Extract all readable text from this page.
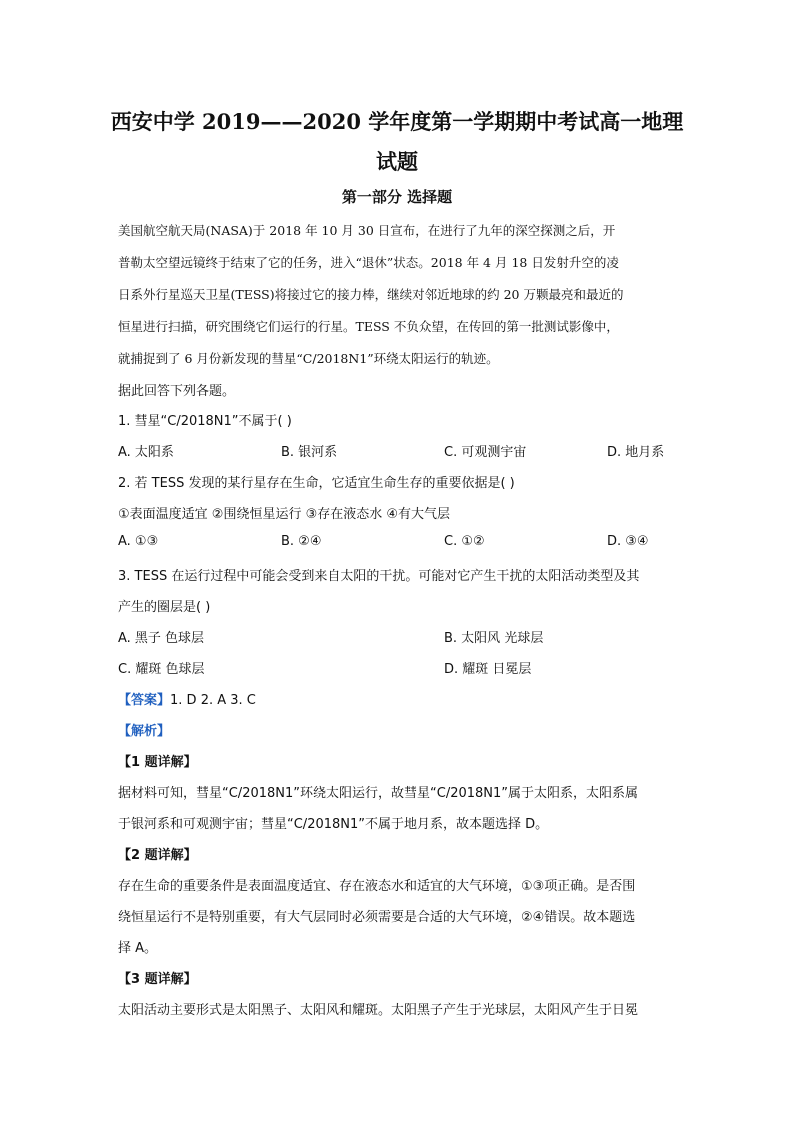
西安中学 2019——2020 学年度第一学期期中考试高一地理
试题
第一部分 选择题
美国航空航天局(NASA)于 2018 年 10 月 30 日宣布，在进行了九年的深空探测之后，开
普勒太空望远镜终于结束了它的任务，进入“退休”状态。2018 年 4 月 18 日发射升空的凌
日系外行星巡天卫星(TESS)将接过它的接力棒，继续对邻近地球的约 20 万颗最亮和最近的
恒星进行扫描，研究围绕它们运行的行星。TESS 不负众望，在传回的第一批测试影像中，
就捕捉到了 6 月份新发现的彗星“C/2018N1”环绕太阳运行的轨迹。
据此回答下列各题。
1. 彗星“C/2018N1”不属于( )
A. 太阳系	B. 银河系	C. 可观测宇宙	D. 地月系
2. 若 TESS 发现的某行星存在生命，它适宜生命生存的重要依据是( )
①表面温度适宜 ②围绕恒星运行 ③存在液态水 ④有大气层
A. ①③	B. ②④	C. ①②	D. ③④
3. TESS 在运行过程中可能会受到来自太阳的干扰。可能对它产生干扰的太阳活动类型及其
产生的圈层是( )
A. 黑子 色球层	B. 太阳风 光球层
C. 耀斑 色球层	D. 耀斑 日冕层
【答案】1. D 2. A 3. C
【解析】
【1 题详解】
据材料可知，彗星“C/2018N1”环绕太阳运行，故彗星“C/2018N1”属于太阳系，太阳系属
于银河系和可观测宇宙；彗星“C/2018N1”不属于地月系，故本题选择 D。
【2 题详解】
存在生命的重要条件是表面温度适宜、存在液态水和适宜的大气环境，①③项正确。是否围
绕恒星运行不是特别重要，有大气层同时必须需要是合适的大气环境，②④错误。故本题选
择 A。
【3 题详解】
太阳活动主要形式是太阳黑子、太阳风和耀斑。太阳黑子产生于光球层，太阳风产生于日冕
